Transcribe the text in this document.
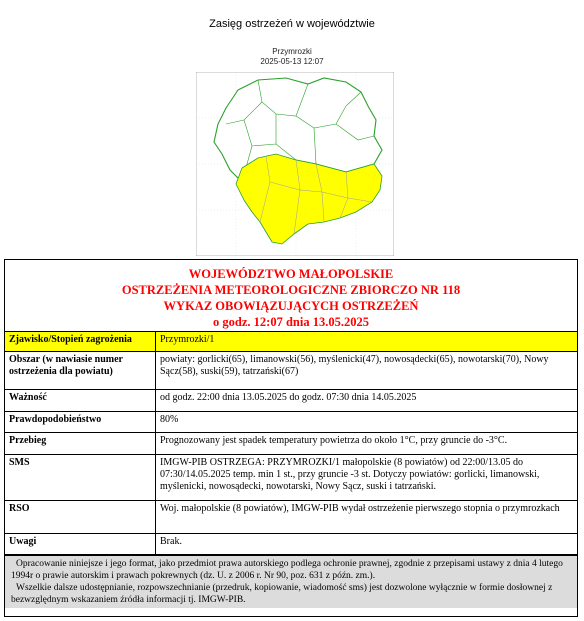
Zasięg ostrzeżeń w województwie
Przymrozki
2025-05-13 12:07
WOJEWÓDZTWO MAŁOPOLSKIE
OSTRZEŻENIA METEOROLOGICZNE ZBIORCZO NR 118
WYKAZ OBOWIĄZUJĄCYCH OSTRZEŻEŃ
o godz. 12:07 dnia 13.05.2025
Zjawisko/Stopień zagrożenia	Przymrozki/1
Obszar (w nawiasie numer ostrzeżenia dla powiatu)	powiaty: gorlicki(65), limanowski(56), myślenicki(47), nowosądecki(65), nowotarski(70), Nowy Sącz(58), suski(59), tatrzański(67)
Ważność	od godz. 22:00 dnia 13.05.2025 do godz. 07:30 dnia 14.05.2025
Prawdopodobieństwo	80%
Przebieg	Prognozowany jest spadek temperatury powietrza do około 1°C, przy gruncie do -3°C.
SMS	IMGW-PIB OSTRZEGA: PRZYMROZKI/1 małopolskie (8 powiatów) od 22:00/13.05 do 07:30/14.05.2025 temp. min 1 st., przy gruncie -3 st. Dotyczy powiatów: gorlicki, limanowski, myślenicki, nowosądecki, nowotarski, Nowy Sącz, suski i tatrzański.
RSO	Woj. małopolskie (8 powiatów), IMGW-PIB wydał ostrzeżenie pierwszego stopnia o przymrozkach
Uwagi	Brak.

Opracowanie niniejsze i jego format, jako przedmiot prawa autorskiego podlega ochronie prawnej, zgodnie z przepisami ustawy z dnia 4 lutego 1994r o prawie autorskim i prawach pokrewnych (dz. U. z 2006 r. Nr 90, poz. 631 z późn. zm.).

Wszelkie dalsze udostępnianie, rozpowszechnianie (przedruk, kopiowanie, wiadomość sms) jest dozwolone wyłącznie w formie dosłownej z bezwzględnym wskazaniem źródła informacji tj. IMGW-PIB.
